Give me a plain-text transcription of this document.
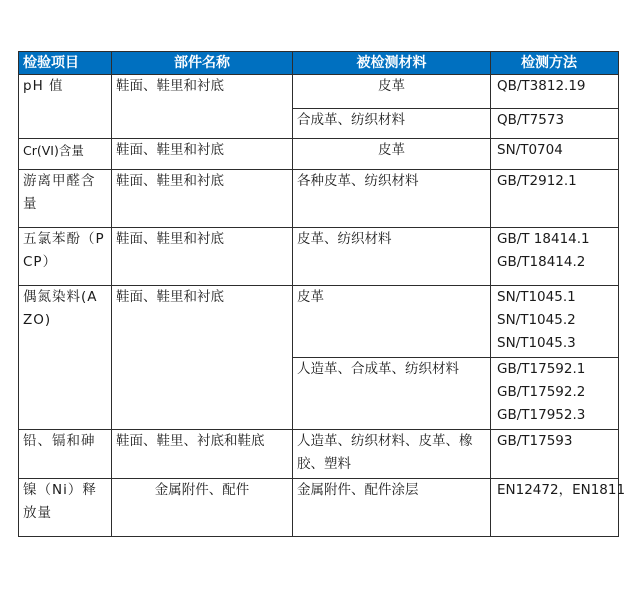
检验项目	部件名称	被检测材料	检测方法
pH 值	鞋面、鞋里和衬底	皮革	QB/T3812.19

		合成革、纺织材料	QB/T7573

Cr(VI)含量	鞋面、鞋里和衬底	皮革	SN/T0704

游离甲醛含量	鞋面、鞋里和衬底	各种皮革、纺织材料	GB/T2912.1

五氯苯酚（PCP）	鞋面、鞋里和衬底	皮革、纺织材料	GB/T 18414.1
GB/T18414.2

偶氮染料(AZO)	鞋面、鞋里和衬底	皮革	SN/T1045.1
SN/T1045.2
SN/T1045.3

		人造革、合成革、纺织材料	GB/T17592.1
GB/T17592.2
GB/T17952.3

铅、镉和砷	鞋面、鞋里、衬底和鞋底	人造革、纺织材料、皮革、橡胶、塑料	GB/T17593

镍（Ni）释放量	金属附件、配件	金属附件、配件涂层	EN12472，EN1811
